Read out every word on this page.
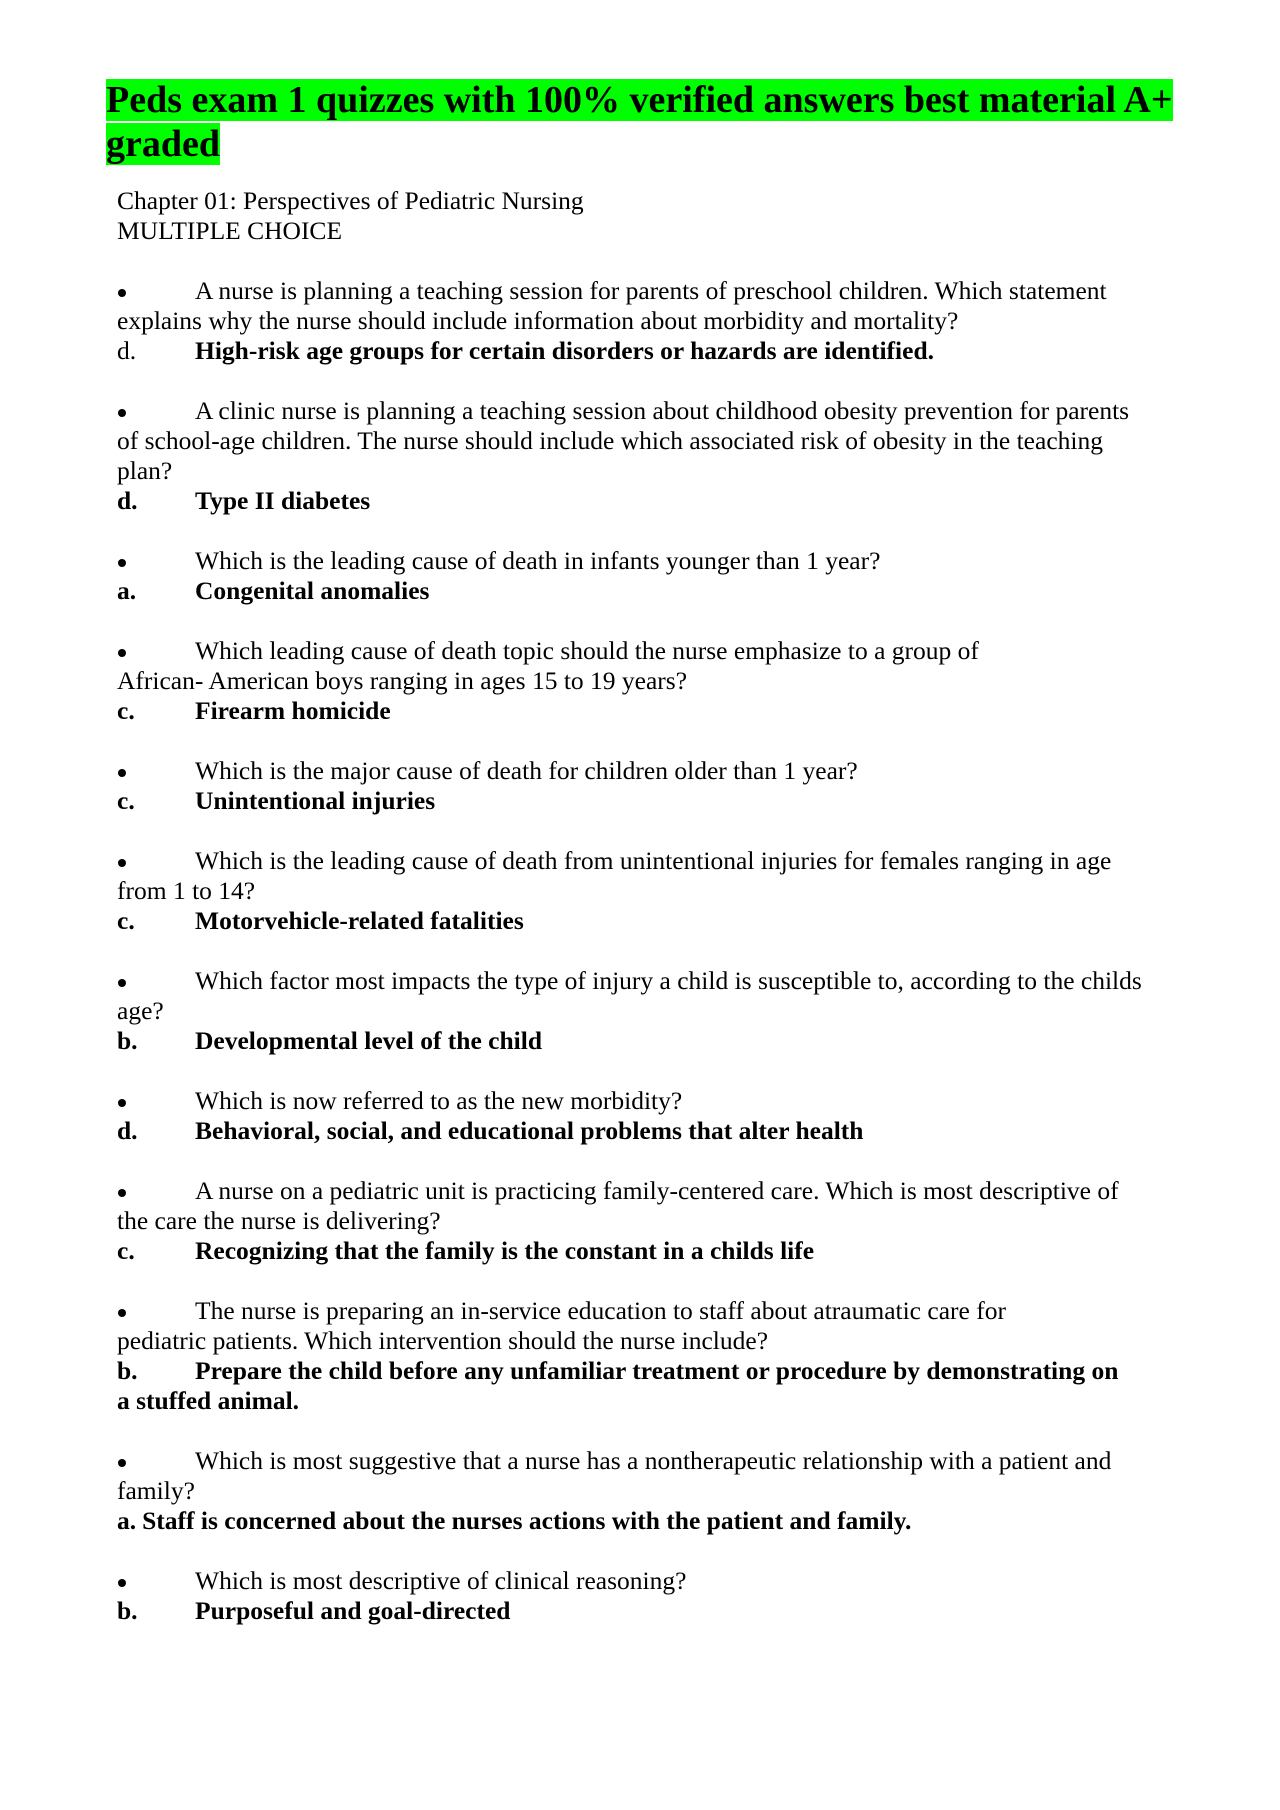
Peds exam 1 quizzes with 100% verified answers best material A+ graded

Chapter 01: Perspectives of Pediatric Nursing

MULTIPLE CHOICE

A nurse is planning a teaching session for parents of preschool children. Which statement

explains why the nurse should include information about morbidity and mortality?

d. High-risk age groups for certain disorders or hazards are identified.

A clinic nurse is planning a teaching session about childhood obesity prevention for parents

of school-age children. The nurse should include which associated risk of obesity in the teaching

plan?

d. Type II diabetes

Which is the leading cause of death in infants younger than 1 year?

a. Congenital anomalies

Which leading cause of death topic should the nurse emphasize to a group of

African- American boys ranging in ages 15 to 19 years?

c. Firearm homicide

Which is the major cause of death for children older than 1 year?

c. Unintentional injuries

Which is the leading cause of death from unintentional injuries for females ranging in age

from 1 to 14?

c. Motorvehicle-related fatalities

Which factor most impacts the type of injury a child is susceptible to, according to the childs

age?

b. Developmental level of the child

Which is now referred to as the new morbidity?

d. Behavioral, social, and educational problems that alter health

A nurse on a pediatric unit is practicing family-centered care. Which is most descriptive of

the care the nurse is delivering?

c. Recognizing that the family is the constant in a childs life

The nurse is preparing an in-service education to staff about atraumatic care for

pediatric patients. Which intervention should the nurse include?

b. Prepare the child before any unfamiliar treatment or procedure by demonstrating on

a stuffed animal.

Which is most suggestive that a nurse has a nontherapeutic relationship with a patient and

family?

a. Staff is concerned about the nurses actions with the patient and family.

Which is most descriptive of clinical reasoning?

b. Purposeful and goal-directed
